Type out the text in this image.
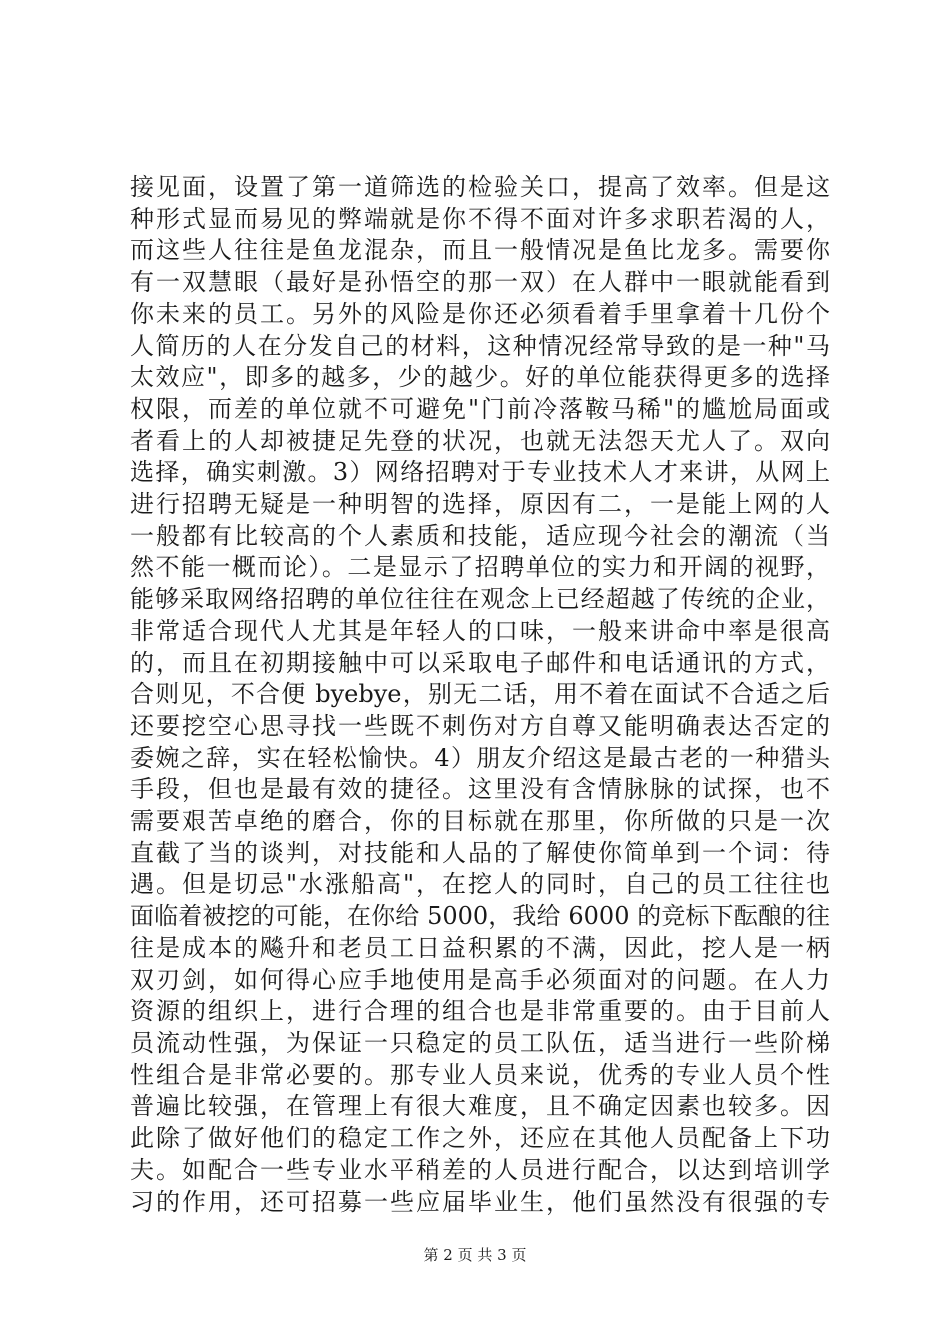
接见面，设置了第一道筛选的检验关口，提高了效率。但是这
种形式显而易见的弊端就是你不得不面对许多求职若渴的人，
而这些人往往是鱼龙混杂，而且一般情况是鱼比龙多。需要你
有一双慧眼（最好是孙悟空的那一双）在人群中一眼就能看到
你未来的员工。另外的风险是你还必须看着手里拿着十几份个
人简历的人在分发自己的材料，这种情况经常导致的是一种"马
太效应"，即多的越多，少的越少。好的单位能获得更多的选择
权限，而差的单位就不可避免"门前冷落鞍马稀"的尴尬局面或
者看上的人却被捷足先登的状况，也就无法怨天尤人了。双向
选择，确实刺激。3）网络招聘对于专业技术人才来讲，从网上
进行招聘无疑是一种明智的选择，原因有二，一是能上网的人
一般都有比较高的个人素质和技能，适应现今社会的潮流（当
然不能一概而论）。二是显示了招聘单位的实力和开阔的视野，
能够采取网络招聘的单位往往在观念上已经超越了传统的企业，
非常适合现代人尤其是年轻人的口味，一般来讲命中率是很高
的，而且在初期接触中可以采取电子邮件和电话通讯的方式，
合则见，不合便 byebye，别无二话，用不着在面试不合适之后
还要挖空心思寻找一些既不刺伤对方自尊又能明确表达否定的
委婉之辞，实在轻松愉快。4）朋友介绍这是最古老的一种猎头
手段，但也是最有效的捷径。这里没有含情脉脉的试探，也不
需要艰苦卓绝的磨合，你的目标就在那里，你所做的只是一次
直截了当的谈判，对技能和人品的了解使你简单到一个词：待
遇。但是切忌"水涨船高"，在挖人的同时，自己的员工往往也
面临着被挖的可能，在你给 5000，我给 6000 的竞标下酝酿的往
往是成本的飚升和老员工日益积累的不满，因此，挖人是一柄
双刃剑，如何得心应手地使用是高手必须面对的问题。在人力
资源的组织上，进行合理的组合也是非常重要的。由于目前人
员流动性强，为保证一只稳定的员工队伍，适当进行一些阶梯
性组合是非常必要的。那专业人员来说，优秀的专业人员个性
普遍比较强，在管理上有很大难度，且不确定因素也较多。因
此除了做好他们的稳定工作之外，还应在其他人员配备上下功
夫。如配合一些专业水平稍差的人员进行配合，以达到培训学
习的作用，还可招募一些应届毕业生，他们虽然没有很强的专
第 2 页 共 3 页
